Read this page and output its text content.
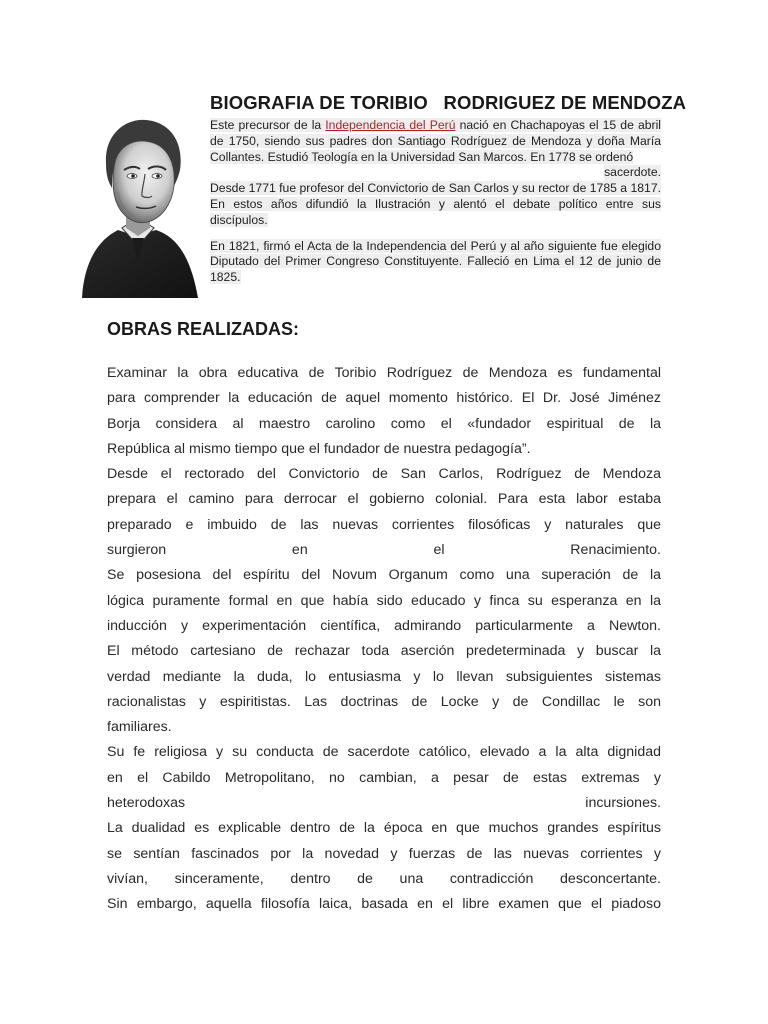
BIOGRAFIA DE TORIBIO   RODRIGUEZ DE MENDOZA

Este precursor de la Independencia del Perú nació en Chachapoyas el 15 de abril de 1750, siendo sus padres don Santiago Rodríguez de Mendoza y doña María Collantes. Estudió Teología en la Universidad San Marcos. En 1778 se ordenó
sacerdote.

Desde 1771 fue profesor del Convictorio de San Carlos y su rector de 1785 a 1817. En estos años difundió la Ilustración y alentó el debate político entre sus discípulos.

En 1821, firmó el Acta de la Independencia del Perú y al año siguiente fue elegido Diputado del Primer Congreso Constituyente. Falleció en Lima el 12 de junio de 1825.

OBRAS REALIZADAS:
Examinar la obra educativa de Toribio Rodríguez de Mendoza es fundamental
para comprender la educación de aquel momento histórico. El Dr. José Jiménez
Borja considera al maestro carolino como el «fundador espiritual de la
República al mismo tiempo que el fundador de nuestra pedagogía”.
Desde el rectorado del Convictorio de San Carlos, Rodríguez de Mendoza
prepara el camino para derrocar el gobierno colonial. Para esta labor estaba
preparado e imbuido de las nuevas corrientes filosóficas y naturales que
surgieron en el Renacimiento.
Se posesiona del espíritu del Novum Organum como una superación de la
lógica puramente formal en que había sido educado y finca su esperanza en la
inducción y experimentación científica, admirando particularmente a Newton.
El método cartesiano de rechazar toda aserción predeterminada y buscar la
verdad mediante la duda, lo entusiasma y lo llevan subsiguientes sistemas
racionalistas y espiritistas. Las doctrinas de Locke y de Condillac le son
familiares.
Su fe religiosa y su conducta de sacerdote católico, elevado a la alta dignidad
en el Cabildo Metropolitano, no cambian, a pesar de estas extremas y
heterodoxas incursiones.
La dualidad es explicable dentro de la época en que muchos grandes espíritus
se sentían fascinados por la novedad y fuerzas de las nuevas corrientes y
vivían, sinceramente, dentro de una contradicción desconcertante.
Sin embargo, aquella filosofía laica, basada en el libre examen que el piadoso
